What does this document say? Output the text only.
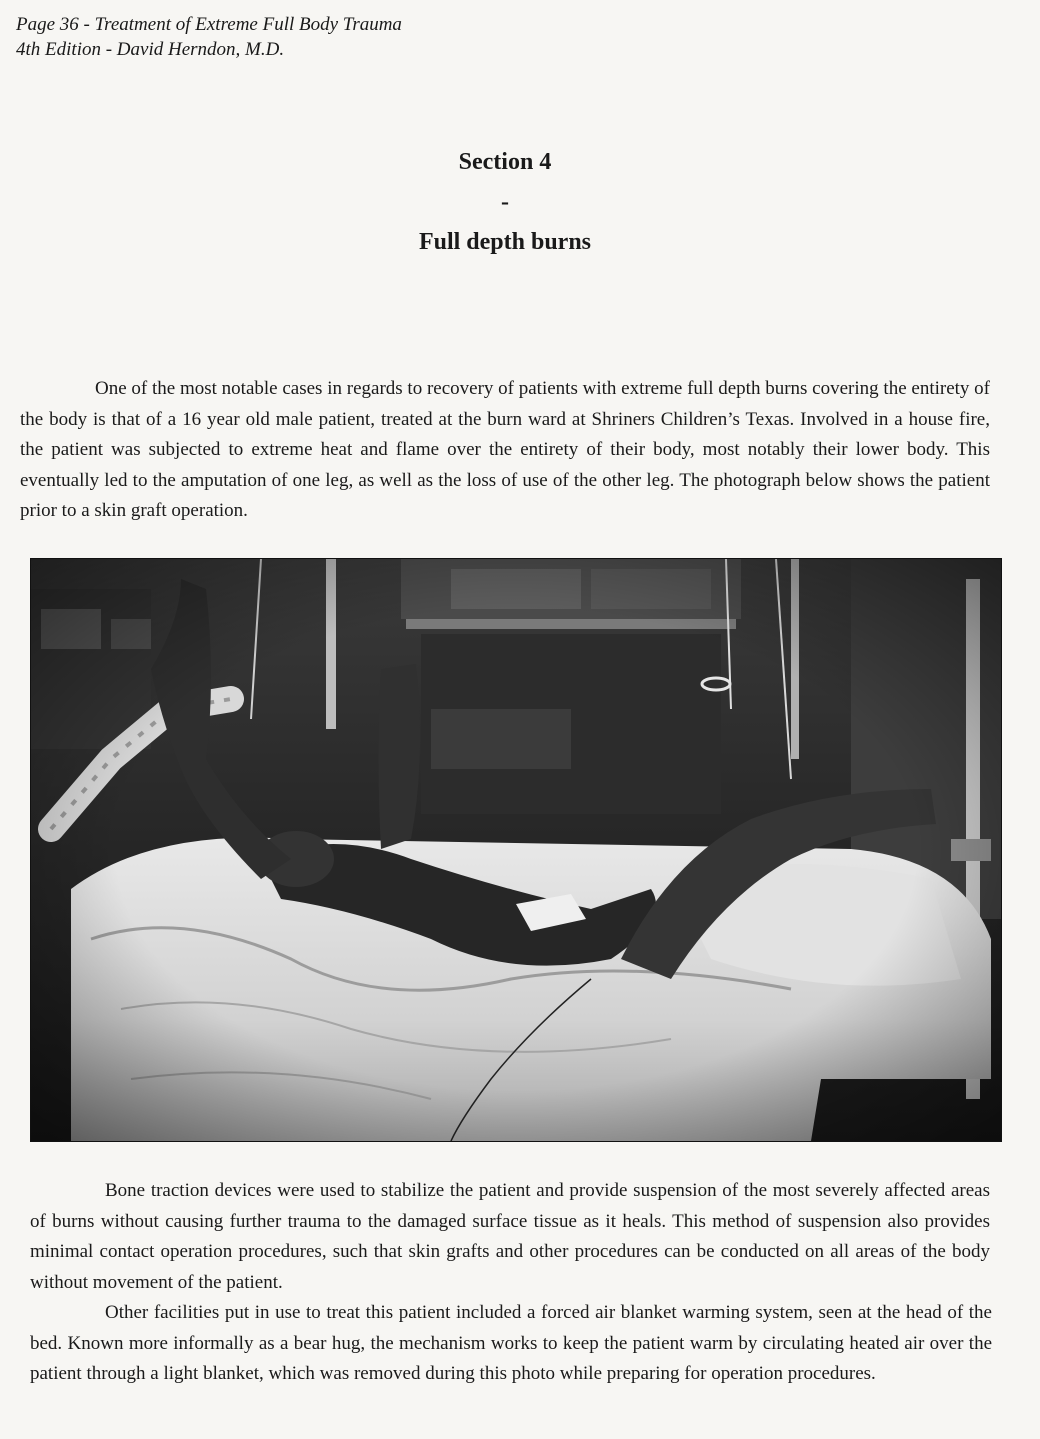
Page 36 - Treatment of Extreme Full Body Trauma
4th Edition - David Herndon, M.D.
Section 4
-
Full depth burns

One of the most notable cases in regards to recovery of patients with extreme full depth burns covering the entirety of the body is that of a 16 year old male patient, treated at the burn ward at Shriners Children’s Texas. Involved in a house fire, the patient was subjected to extreme heat and flame over the entirety of their body, most notably their lower body. This eventually led to the amputation of one leg, as well as the loss of use of the other leg. The photograph below shows the patient prior to a skin graft operation.

Bone traction devices were used to stabilize the patient and provide suspension of the most severely affected areas of burns without causing further trauma to the damaged surface tissue as it heals. This method of suspension also provides minimal contact operation procedures, such that skin grafts and other procedures can be conducted on all areas of the body without movement of the patient.

Other facilities put in use to treat this patient included a forced air blanket warming system, seen at the head of the bed. Known more informally as a bear hug, the mechanism works to keep the patient warm by circulating heated air over the patient through a light blanket, which was removed during this photo while preparing for operation procedures.
